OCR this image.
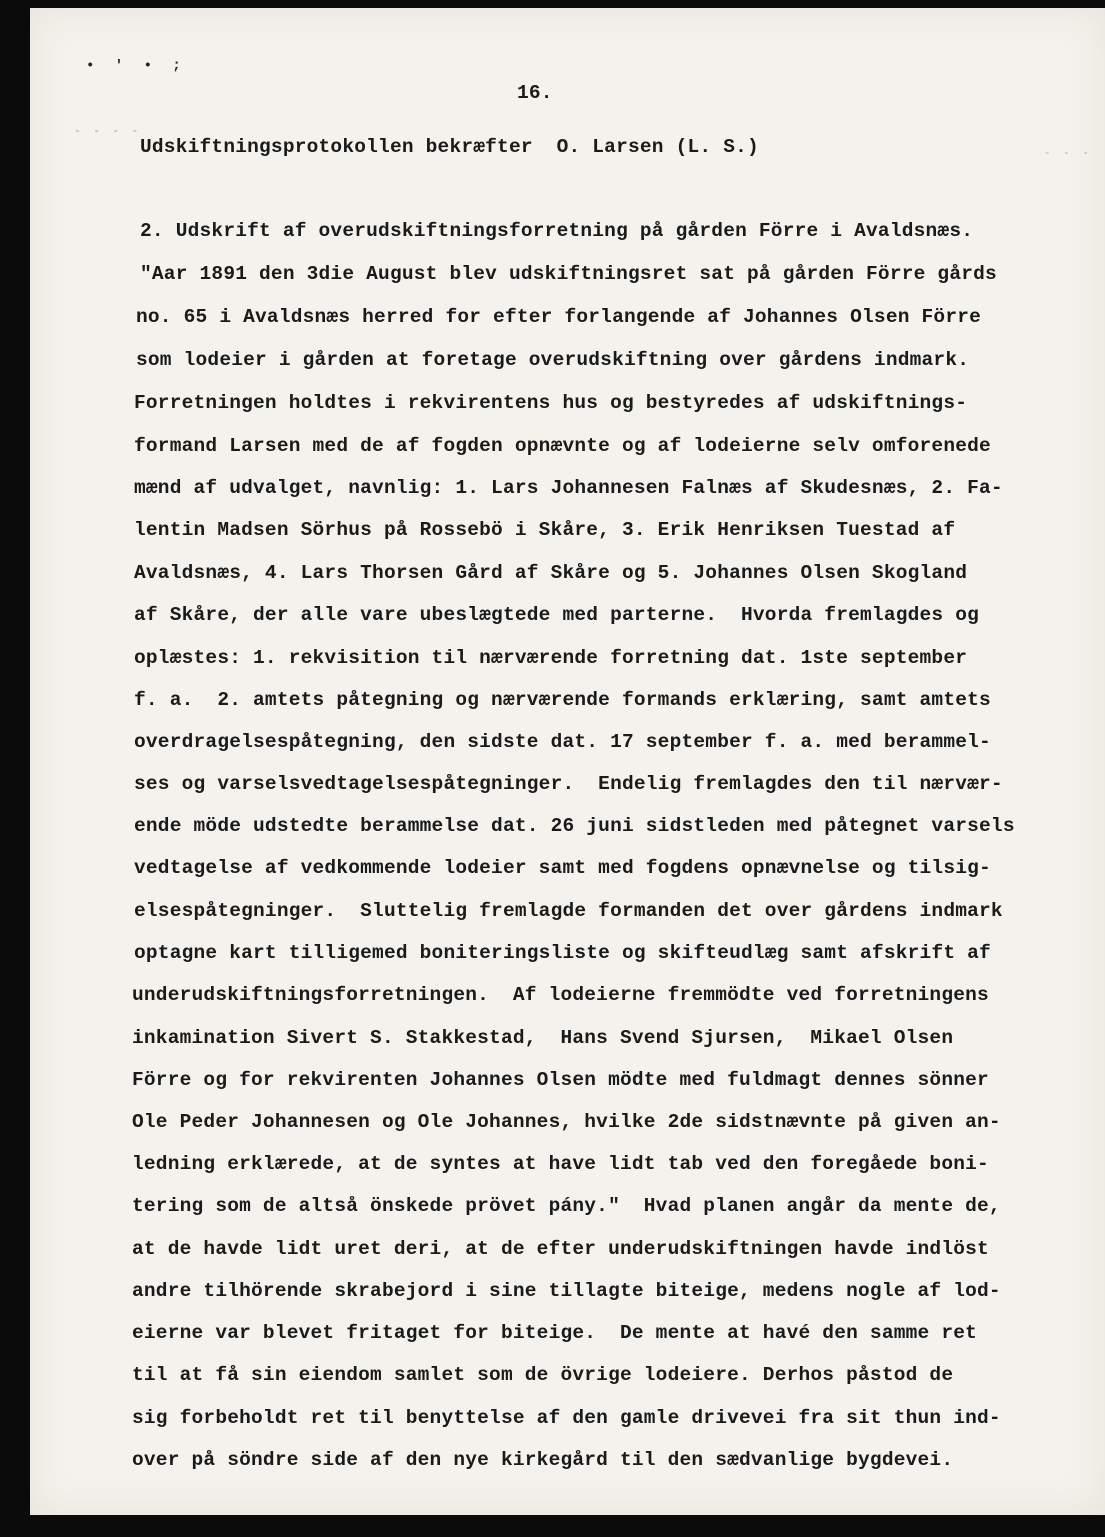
• ' • ;
- - - -
- - -
16.
Udskiftningsprotokollen bekræfter  O. Larsen (L. S.)
2. Udskrift af overudskiftningsforretning på gården Förre i Avaldsnæs.
"Aar 1891 den 3die August blev udskiftningsret sat på gården Förre gårds
no. 65 i Avaldsnæs herred for efter forlangende af Johannes Olsen Förre
som lodeier i gården at foretage overudskiftning over gårdens indmark.
Forretningen holdtes i rekvirentens hus og bestyredes af udskiftnings-
formand Larsen med de af fogden opnævnte og af lodeierne selv omforenede
mænd af udvalget, navnlig: 1. Lars Johannesen Falnæs af Skudesnæs, 2. Fa-
lentin Madsen Sörhus på Rossebö i Skåre, 3. Erik Henriksen Tuestad af
Avaldsnæs, 4. Lars Thorsen Gård af Skåre og 5. Johannes Olsen Skogland
af Skåre, der alle vare ubeslægtede med parterne.  Hvorda fremlagdes og
oplæstes: 1. rekvisition til nærværende forretning dat. 1ste september
f. a.  2. amtets påtegning og nærværende formands erklæring, samt amtets
overdragelsespåtegning, den sidste dat. 17 september f. a. med berammel-
ses og varselsvedtagelsespåtegninger.  Endelig fremlagdes den til nærvær-
ende möde udstedte berammelse dat. 26 juni sidstleden med påtegnet varsels
vedtagelse af vedkommende lodeier samt med fogdens opnævnelse og tilsig-
elsespåtegninger.  Sluttelig fremlagde formanden det over gårdens indmark
optagne kart tilligemed boniteringsliste og skifteudlæg samt afskrift af
underudskiftningsforretningen.  Af lodeierne fremmödte ved forretningens
inkamination Sivert S. Stakkestad,  Hans Svend Sjursen,  Mikael Olsen
Förre og for rekvirenten Johannes Olsen mödte med fuldmagt dennes sönner
Ole Peder Johannesen og Ole Johannes, hvilke 2de sidstnævnte på given an-
ledning erklærede, at de syntes at have lidt tab ved den foregåede boni-
tering som de altså önskede prövet pány."  Hvad planen angår da mente de,
at de havde lidt uret deri, at de efter underudskiftningen havde indlöst
andre tilhörende skrabejord i sine tillagte biteige, medens nogle af lod-
eierne var blevet fritaget for biteige.  De mente at havé den samme ret
til at få sin eiendom samlet som de övrige lodeiere. Derhos påstod de
sig forbeholdt ret til benyttelse af den gamle drivevei fra sit thun ind-
over på söndre side af den nye kirkegård til den sædvanlige bygdevei.
